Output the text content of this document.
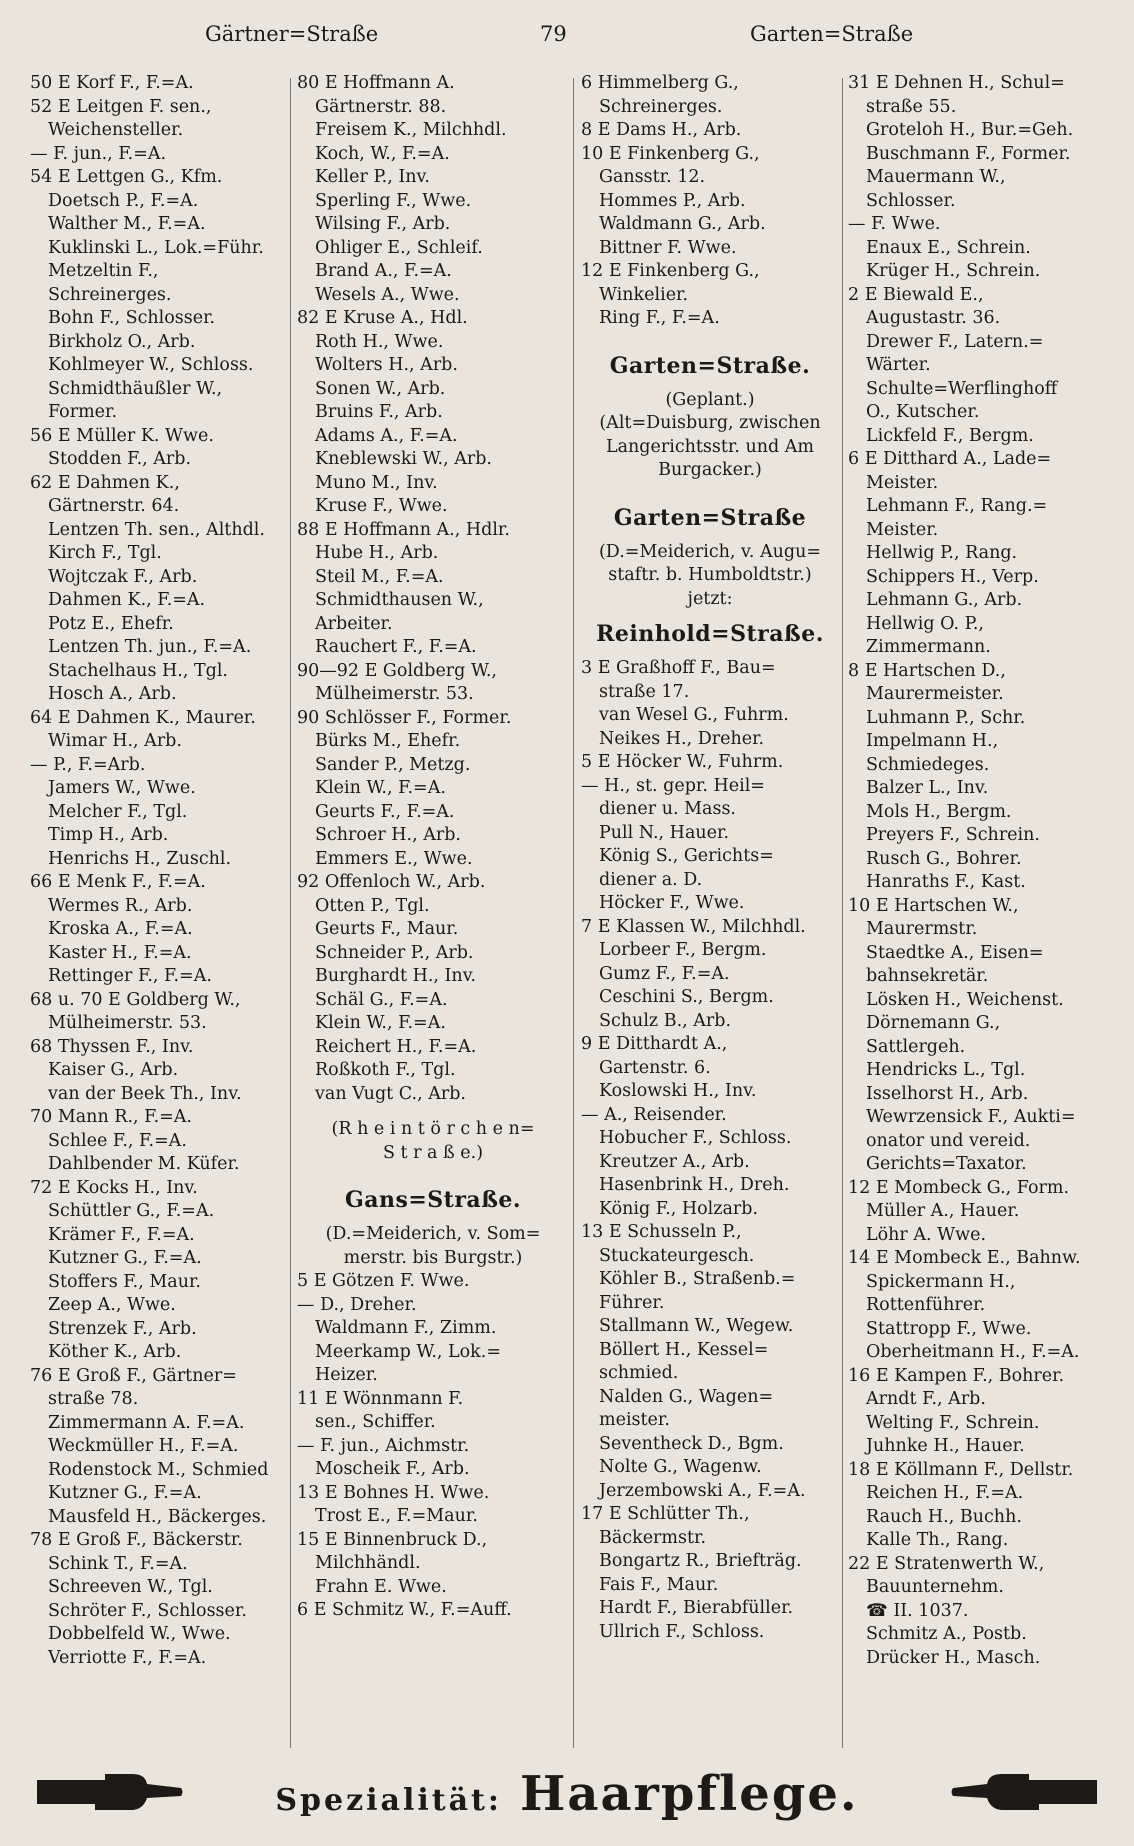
Gärtner=Straße	79	Garten=Straße
50 E Korf F., F.=A.
52 E Leitgen F. sen.,
Weichensteller.
— F. jun., F.=A.
54 E Lettgen G., Kfm.
Doetsch P., F.=A.
Walther M., F.=A.
Kuklinski L., Lok.=Führ.
Metzeltin F.,
Schreinerges.
Bohn F., Schlosser.
Birkholz O., Arb.
Kohlmeyer W., Schloss.
Schmidthäußler W.,
Former.
56 E Müller K. Wwe.
Stodden F., Arb.
62 E Dahmen K.,
Gärtnerstr. 64.
Lentzen Th. sen., Althdl.
Kirch F., Tgl.
Wojtczak F., Arb.
Dahmen K., F.=A.
Potz E., Ehefr.
Lentzen Th. jun., F.=A.
Stachelhaus H., Tgl.
Hosch A., Arb.
64 E Dahmen K., Maurer.
Wimar H., Arb.
— P., F.=Arb.
Jamers W., Wwe.
Melcher F., Tgl.
Timp H., Arb.
Henrichs H., Zuschl.
66 E Menk F., F.=A.
Wermes R., Arb.
Kroska A., F.=A.
Kaster H., F.=A.
Rettinger F., F.=A.
68 u. 70 E Goldberg W.,
Mülheimerstr. 53.
68 Thyssen F., Inv.
Kaiser G., Arb.
van der Beek Th., Inv.
70 Mann R., F.=A.
Schlee F., F.=A.
Dahlbender M. Küfer.
72 E Kocks H., Inv.
Schüttler G., F.=A.
Krämer F., F.=A.
Kutzner G., F.=A.
Stoffers F., Maur.
Zeep A., Wwe.
Strenzek F., Arb.
Köther K., Arb.
76 E Groß F., Gärtner=
straße 78.
Zimmermann A. F.=A.
Weckmüller H., F.=A.
Rodenstock M., Schmied
Kutzner G., F.=A.
Mausfeld H., Bäckerges.
78 E Groß F., Bäckerstr.
Schink T., F.=A.
Schreeven W., Tgl.
Schröter F., Schlosser.
Dobbelfeld W., Wwe.
Verriotte F., F.=A.
80 E Hoffmann A.
Gärtnerstr. 88.
Freisem K., Milchhdl.
Koch, W., F.=A.
Keller P., Inv.
Sperling F., Wwe.
Wilsing F., Arb.
Ohliger E., Schleif.
Brand A., F.=A.
Wesels A., Wwe.
82 E Kruse A., Hdl.
Roth H., Wwe.
Wolters H., Arb.
Sonen W., Arb.
Bruins F., Arb.
Adams A., F.=A.
Kneblewski W., Arb.
Muno M., Inv.
Kruse F., Wwe.
88 E Hoffmann A., Hdlr.
Hube H., Arb.
Steil M., F.=A.
Schmidthausen W.,
Arbeiter.
Rauchert F., F.=A.
90—92 E Goldberg W.,
Mülheimerstr. 53.
90 Schlösser F., Former.
Bürks M., Ehefr.
Sander P., Metzg.
Klein W., F.=A.
Geurts F., F.=A.
Schroer H., Arb.
Emmers E., Wwe.
92 Offenloch W., Arb.
Otten P., Tgl.
Geurts F., Maur.
Schneider P., Arb.
Burghardt H., Inv.
Schäl G., F.=A.
Klein W., F.=A.
Reichert H., F.=A.
Roßkoth F., Tgl.
van Vugt C., Arb.
(R h e i n t ö r c h e n=
S t r a ß e.)
Gans=Straße.
(D.=Meiderich, v. Som=
merstr. bis Burgstr.)
5 E Götzen F. Wwe.
— D., Dreher.
Waldmann F., Zimm.
Meerkamp W., Lok.=
Heizer.
11 E Wönnmann F.
sen., Schiffer.
— F. jun., Aichmstr.
Moscheik F., Arb.
13 E Bohnes H. Wwe.
Trost E., F.=Maur.
15 E Binnenbruck D.,
Milchhändl.
Frahn E. Wwe.
6 E Schmitz W., F.=Auff.
6 Himmelberg G.,
Schreinerges.
8 E Dams H., Arb.
10 E Finkenberg G.,
Gansstr. 12.
Hommes P., Arb.
Waldmann G., Arb.
Bittner F. Wwe.
12 E Finkenberg G.,
Winkelier.
Ring F., F.=A.
Garten=Straße.
(Geplant.)
(Alt=Duisburg, zwischen
Langerichtsstr. und Am
Burgacker.)
Garten=Straße
(D.=Meiderich, v. Augu=
staftr. b. Humboldtstr.)
jetzt:
Reinhold=Straße.
3 E Graßhoff F., Bau=
straße 17.
van Wesel G., Fuhrm.
Neikes H., Dreher.
5 E Höcker W., Fuhrm.
— H., st. gepr. Heil=
diener u. Mass.
Pull N., Hauer.
König S., Gerichts=
diener a. D.
Höcker F., Wwe.
7 E Klassen W., Milchhdl.
Lorbeer F., Bergm.
Gumz F., F.=A.
Ceschini S., Bergm.
Schulz B., Arb.
9 E Ditthardt A.,
Gartenstr. 6.
Koslowski H., Inv.
— A., Reisender.
Hobucher F., Schloss.
Kreutzer A., Arb.
Hasenbrink H., Dreh.
König F., Holzarb.
13 E Schusseln P.,
Stuckateurgesch.
Köhler B., Straßenb.=
Führer.
Stallmann W., Wegew.
Böllert H., Kessel=
schmied.
Nalden G., Wagen=
meister.
Seventheck D., Bgm.
Nolte G., Wagenw.
Jerzembowski A., F.=A.
17 E Schlütter Th.,
Bäckermstr.
Bongartz R., Briefträg.
Fais F., Maur.
Hardt F., Bierabfüller.
Ullrich F., Schloss.
31 E Dehnen H., Schul=
straße 55.
Groteloh H., Bur.=Geh.
Buschmann F., Former.
Mauermann W.,
Schlosser.
— F. Wwe.
Enaux E., Schrein.
Krüger H., Schrein.
2 E Biewald E.,
Augustastr. 36.
Drewer F., Latern.=
Wärter.
Schulte=Werflinghoff
O., Kutscher.
Lickfeld F., Bergm.
6 E Ditthard A., Lade=
Meister.
Lehmann F., Rang.=
Meister.
Hellwig P., Rang.
Schippers H., Verp.
Lehmann G., Arb.
Hellwig O. P.,
Zimmermann.
8 E Hartschen D.,
Maurermeister.
Luhmann P., Schr.
Impelmann H.,
Schmiedeges.
Balzer L., Inv.
Mols H., Bergm.
Preyers F., Schrein.
Rusch G., Bohrer.
Hanraths F., Kast.
10 E Hartschen W.,
Maurermstr.
Staedtke A., Eisen=
bahnsekretär.
Lösken H., Weichenst.
Dörnemann G.,
Sattlergeh.
Hendricks L., Tgl.
Isselhorst H., Arb.
Wewrzensick F., Aukti=
onator und vereid.
Gerichts=Taxator.
12 E Mombeck G., Form.
Müller A., Hauer.
Löhr A. Wwe.
14 E Mombeck E., Bahnw.
Spickermann H.,
Rottenführer.
Stattropp F., Wwe.
Oberheitmann H., F.=A.
16 E Kampen F., Bohrer.
Arndt F., Arb.
Welting F., Schrein.
Juhnke H., Hauer.
18 E Köllmann F., Dellstr.
Reichen H., F.=A.
Rauch H., Buchh.
Kalle Th., Rang.
22 E Stratenwerth W.,
Bauunternehm.
☎ II. 1037.
Schmitz A., Postb.
Drücker H., Masch.
Spezialität: Haarpflege.
